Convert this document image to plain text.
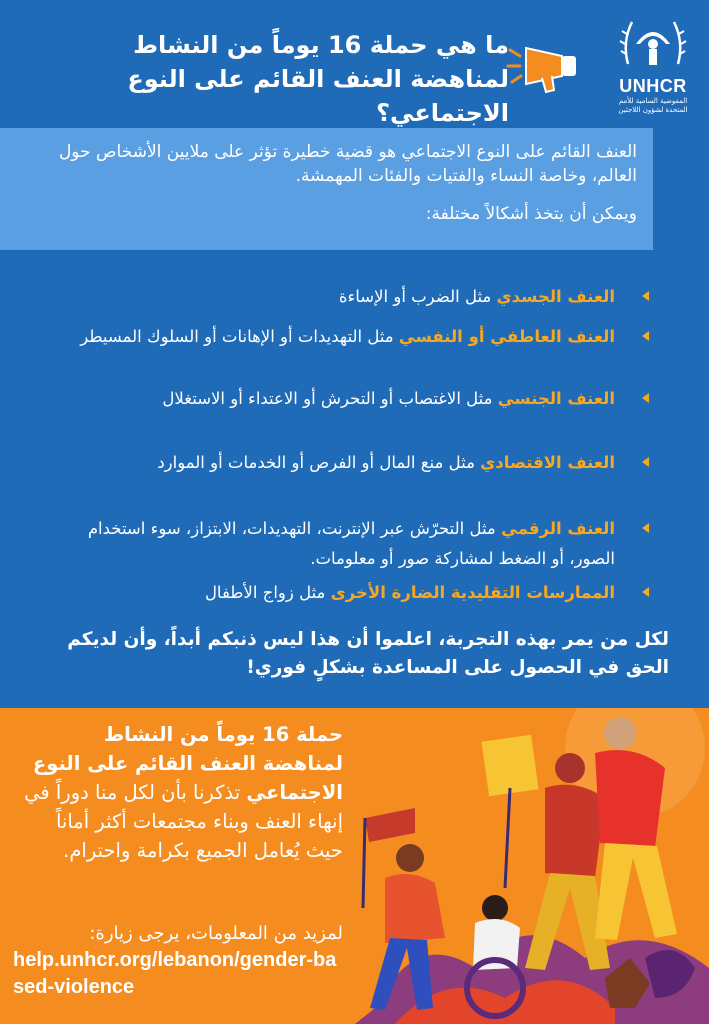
ما هي حملة 16 يوماً من النشاط لمناهضة العنف القائم على النوع الاجتماعي؟
UNHCR
المفوضية السامية للأمم المتحدة لشؤون اللاجئين

العنف القائم على النوع الاجتماعي هو قضية خطيرة تؤثر على ملايين الأشخاص حول العالم، وخاصة النساء والفتيات والفئات المهمشة.

ويمكن أن يتخذ أشكالاً مختلفة:

العنف الجسدي مثل الضرب أو الإساءة
العنف العاطفي أو النفسي مثل التهديدات أو الإهانات أو السلوك المسيطر
العنف الجنسي مثل الاغتصاب أو التحرش أو الاعتداء أو الاستغلال
العنف الاقتصادي مثل منع المال أو الفرص أو الخدمات أو الموارد
العنف الرقمي مثل التحرّش عبر الإنترنت، التهديدات، الابتزاز، سوء استخدام الصور، أو الضغط لمشاركة صور أو معلومات.
الممارسات التقليدية الضارة الأخرى مثل زواج الأطفال

لكل من يمر بهذه التجربة، اعلموا أن هذا ليس ذنبكم أبداً، وأن لديكم الحق في الحصول على المساعدة بشكلٍ فوري!

حملة 16 يوماً من النشاط لمناهضة العنف القائم على النوع الاجتماعي تذكرنا بأن لكل منا دوراً في إنهاء العنف وبناء مجتمعات أكثر أماناً حيث يُعامل الجميع بكرامة واحترام.

لمزيد من المعلومات، يرجى زيارة:

help.unhcr.org/lebanon/gender-based-violence
